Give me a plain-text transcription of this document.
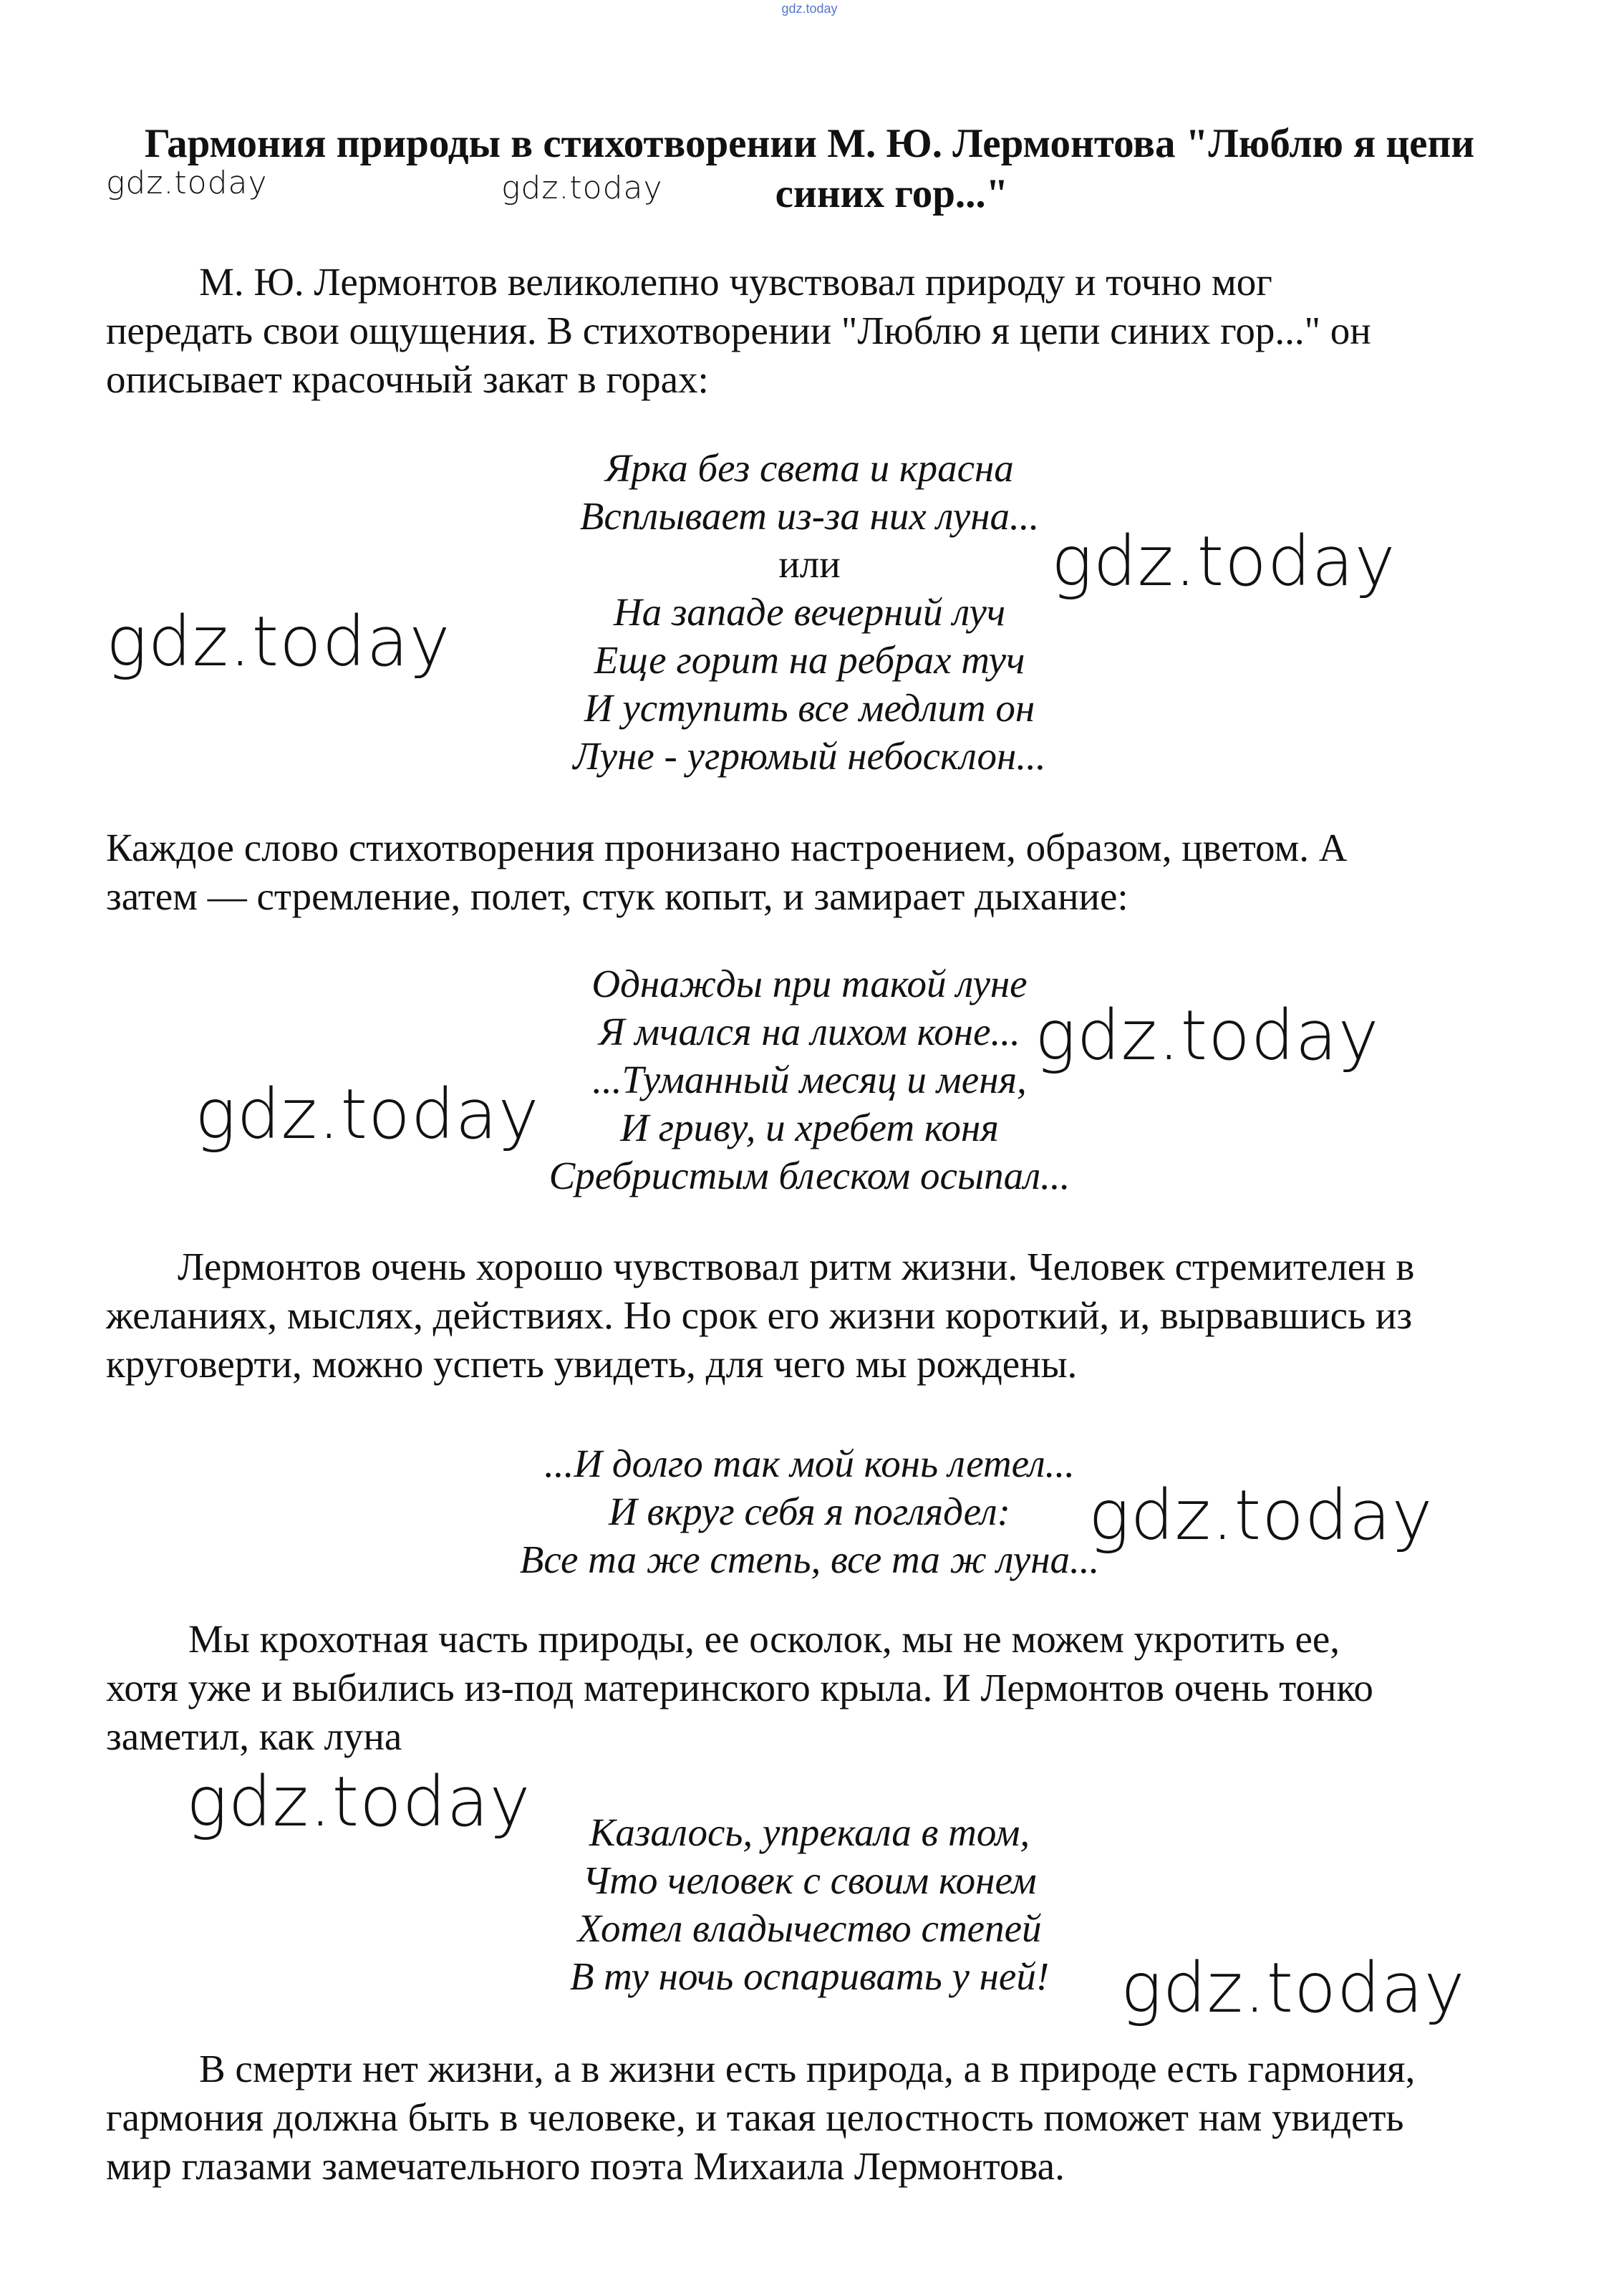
gdz.today
Гармония природы в стихотворении М. Ю. Лермонтова "Люблю я цепи
синих гор..."
М. Ю. Лермонтов великолепно чувствовал природу и точно мог
передать свои ощущения. В стихотворении "Люблю я цепи синих гор..." он
описывает красочный закат в горах:
Ярка без света и красна
Всплывает из-за них луна...
или
На западе вечерний луч
Еще горит на ребрах туч
И уступить все медлит он
Луне - угрюмый небосклон...
Каждое слово стихотворения пронизано настроением, образом, цветом. А
затем — стремление, полет, стук копыт, и замирает дыхание:
Однажды при такой луне
Я мчался на лихом коне...
...Туманный месяц и меня,
И гриву, и хребет коня
Сребристым блеском осыпал...
Лермонтов очень хорошо чувствовал ритм жизни. Человек стремителен в
желаниях, мыслях, действиях. Но срок его жизни короткий, и, вырвавшись из
круговерти, можно успеть увидеть, для чего мы рождены.
...И долго так мой конь летел...
И вкруг себя я поглядел:
Все та же степь, все та ж луна...
Мы крохотная часть природы, ее осколок, мы не можем укротить ее,
хотя уже и выбились из-под материнского крыла. И Лермонтов очень тонко
заметил, как луна
Казалось, упрекала в том,
Что человек с своим конем
Хотел владычество степей
В ту ночь оспаривать у ней!
В смерти нет жизни, а в жизни есть природа, а в природе есть гармония,
гармония должна быть в человеке, и такая целостность поможет нам увидеть
мир глазами замечательного поэта Михаила Лермонтова.
gdz.today	gdz.today
gdz.today
gdz.today
gdz.today
gdz.today
gdz.today
gdz.today
gdz.today
